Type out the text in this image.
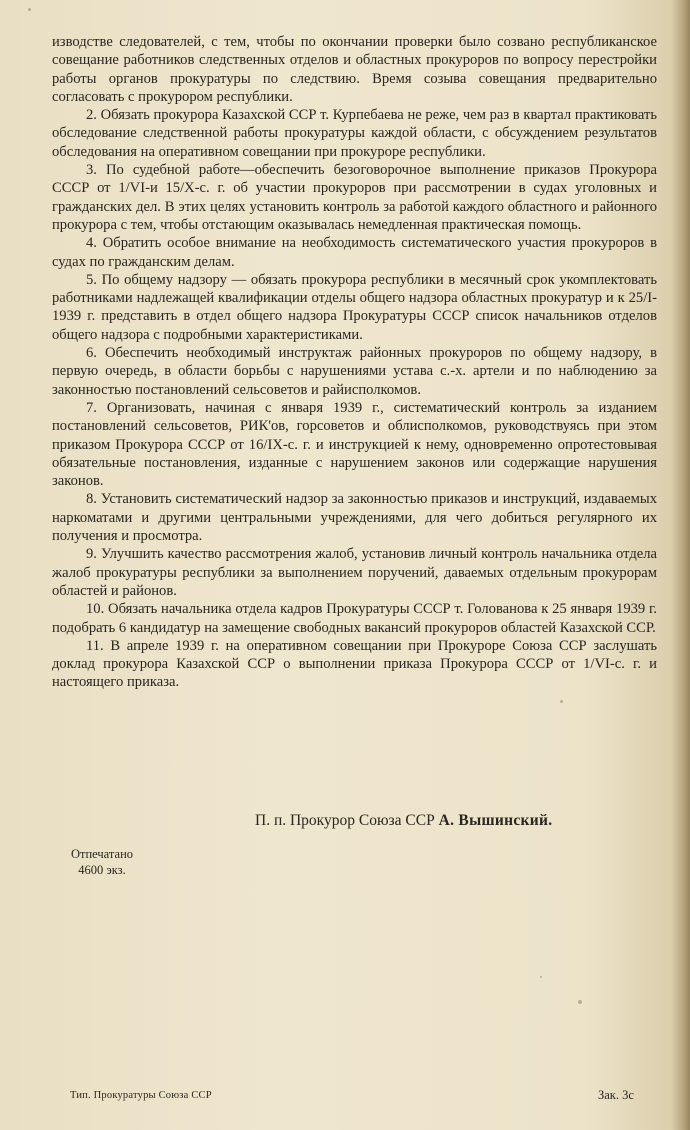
изводстве следователей, с тем, чтобы по окончании проверки было созвано республиканское совещание работников следственных отделов и областных прокуроров по вопросу перестройки работы органов прокуратуры по следствию. Время созыва совещания предварительно согласовать с прокурором республики.

2. Обязать прокурора Казахской ССР т. Курпебаева не реже, чем раз в квартал практиковать обследование следственной работы прокуратуры каждой области, с обсуждением результатов обследования на оперативном совещании при прокуроре республики.

3. По судебной работе—обеспечить безоговорочное выполнение приказов Прокурора СССР от 1/VI-и 15/X-с. г. об участии прокуроров при рассмотрении в судах уголовных и гражданских дел. В этих целях установить контроль за работой каждого областного и районного прокурора с тем, чтобы отстающим оказывалась немедленная практическая помощь.

4. Обратить особое внимание на необходимость систематического участия прокуроров в судах по гражданским делам.

5. По общему надзору — обязать прокурора республики в месячный срок укомплектовать работниками надлежащей квалификации отделы общего надзора областных прокуратур и к 25/I-1939 г. представить в отдел общего надзора Прокуратуры СССР список начальников отделов общего надзора с подробными характеристиками.

6. Обеспечить необходимый инструктаж районных прокуроров по общему надзору, в первую очередь, в области борьбы с нарушениями устава с.-х. артели и по наблюдению за законностью постановлений сельсоветов и райисполкомов.

7. Организовать, начиная с января 1939 г., систематический контроль за изданием постановлений сельсоветов, РИК'ов, горсоветов и облисполкомов, руководствуясь при этом приказом Прокурора СССР от 16/IX-с. г. и инструкцией к нему, одновременно опротестовывая обязательные постановления, изданные с нарушением законов или содержащие нарушения законов.

8. Установить систематический надзор за законностью приказов и инструкций, издаваемых наркоматами и другими центральными учреждениями, для чего добиться регулярного их получения и просмотра.

9. Улучшить качество рассмотрения жалоб, установив личный контроль начальника отдела жалоб прокуратуры республики за выполнением поручений, даваемых отдельным прокурорам областей и районов.

10. Обязать начальника отдела кадров Прокуратуры СССР т. Голованова к 25 января 1939 г. подобрать 6 кандидатур на замещение свободных вакансий прокуроров областей Казахской ССР.

11. В апреле 1939 г. на оперативном совещании при Прокуроре Союза ССР заслушать доклад прокурора Казахской ССР о выполнении приказа Прокурора СССР от 1/VI-с. г. и настоящего приказа.

П. п. Прокурор Союза ССР А. Вышинский.
Отпечатано
4600 экз.
Тип. Прокуратуры Союза ССР	Зак. 3с
